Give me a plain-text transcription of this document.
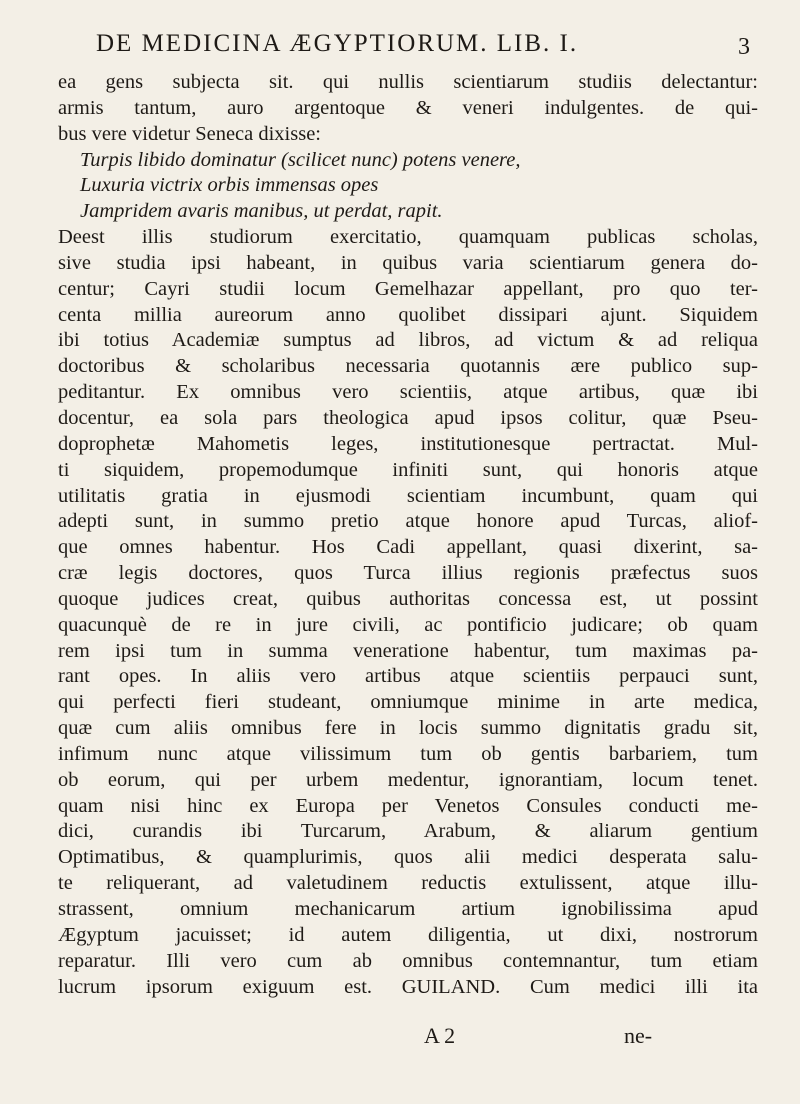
DE MEDICINA ÆGYPTIORUM. LIB. I.	3
ea gens subjecta sit. qui nullis scientiarum studiis delectantur:
armis tantum, auro argentoque & veneri indulgentes. de qui-
bus vere videtur Seneca dixisse:
Turpis libido dominatur (scilicet nunc) potens venere,
Luxuria victrix orbis immensas opes
Jampridem avaris manibus, ut perdat, rapit.
Deest illis studiorum exercitatio, quamquam publicas scholas,
sive studia ipsi habeant, in quibus varia scientiarum genera do-
centur; Cayri studii locum Gemelhazar appellant, pro quo ter-
centa millia aureorum anno quolibet dissipari ajunt. Siquidem
ibi totius Academiæ sumptus ad libros, ad victum & ad reliqua
doctoribus & scholaribus necessaria quotannis ære publico sup-
peditantur. Ex omnibus vero scientiis, atque artibus, quæ ibi
docentur, ea sola pars theologica apud ipsos colitur, quæ Pseu-
doprophetæ Mahometis leges, institutionesque pertractat. Mul-
ti siquidem, propemodumque infiniti sunt, qui honoris atque
utilitatis gratia in ejusmodi scientiam incumbunt, quam qui
adepti sunt, in summo pretio atque honore apud Turcas, aliof-
que omnes habentur. Hos Cadi appellant, quasi dixerint, sa-
cræ legis doctores, quos Turca illius regionis præfectus suos
quoque judices creat, quibus authoritas concessa est, ut possint
quacunquè de re in jure civili, ac pontificio judicare; ob quam
rem ipsi tum in summa veneratione habentur, tum maximas pa-
rant opes. In aliis vero artibus atque scientiis perpauci sunt,
qui perfecti fieri studeant, omniumque minime in arte medica,
quæ cum aliis omnibus fere in locis summo dignitatis gradu sit,
infimum nunc atque vilissimum tum ob gentis barbariem, tum
ob eorum, qui per urbem medentur, ignorantiam, locum tenet.
quam nisi hinc ex Europa per Venetos Consules conducti me-
dici, curandis ibi Turcarum, Arabum, & aliarum gentium
Optimatibus, & quamplurimis, quos alii medici desperata salu-
te reliquerant, ad valetudinem reductis extulissent, atque illu-
strassent, omnium mechanicarum artium ignobilissima apud
Ægyptum jacuisset; id autem diligentia, ut dixi, nostrorum
reparatur. Illi vero cum ab omnibus contemnantur, tum etiam
lucrum ipsorum exiguum est. GUILAND. Cum medici illi ita
A 2	ne-
